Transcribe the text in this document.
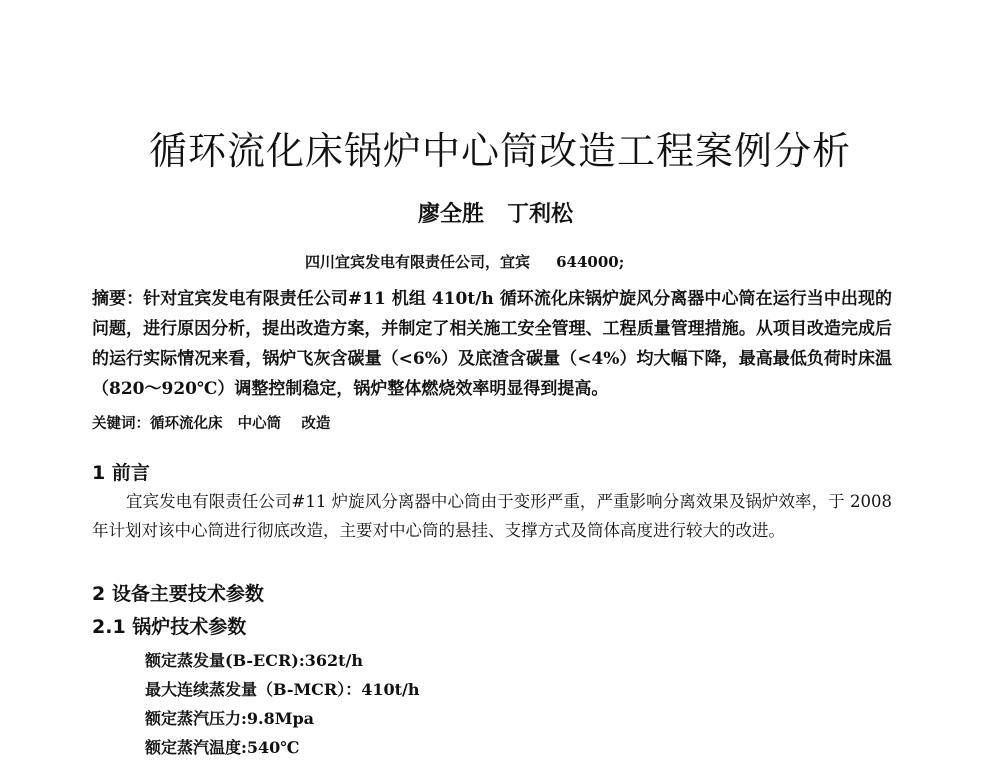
循环流化床锅炉中心筒改造工程案例分析
廖全胜   丁利松
四川宜宾发电有限责任公司，宜宾     644000;
摘要：针对宜宾发电有限责任公司#11 机组 410t/h 循环流化床锅炉旋风分离器中心筒在运行当中出现的问题，进行原因分析，提出改造方案，并制定了相关施工安全管理、工程质量管理措施。从项目改造完成后的运行实际情况来看，锅炉飞灰含碳量（<6%）及底渣含碳量（<4%）均大幅下降，最高最低负荷时床温（820～920℃）调整控制稳定，锅炉整体燃烧效率明显得到提高。
关键词：循环流化床   中心筒    改造
1 前言
宜宾发电有限责任公司#11 炉旋风分离器中心筒由于变形严重，严重影响分离效果及锅炉效率，于 2008 年计划对该中心筒进行彻底改造，主要对中心筒的悬挂、支撑方式及筒体高度进行较大的改进。
2 设备主要技术参数
2.1 锅炉技术参数
额定蒸发量(B-ECR):362t/h
最大连续蒸发量（B-MCR）：410t/h
额定蒸汽压力:9.8Mpa
额定蒸汽温度:540℃
